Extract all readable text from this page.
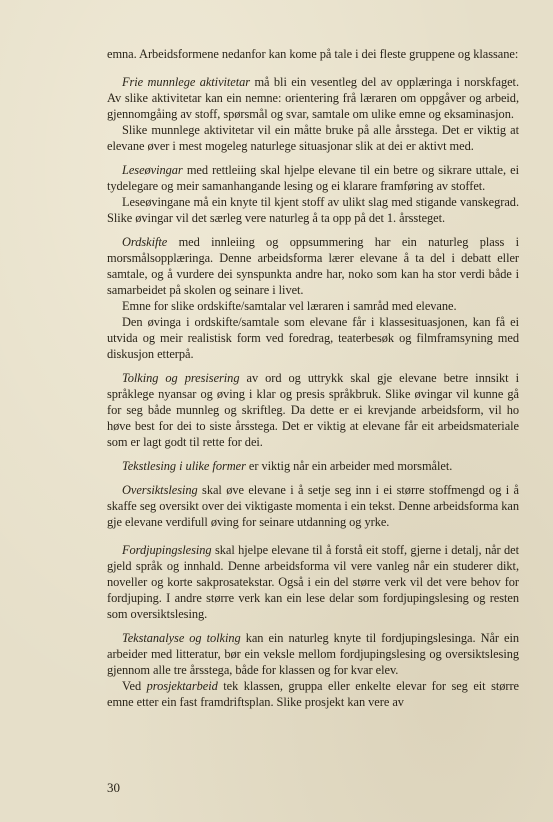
emna. Arbeidsformene nedanfor kan kome på tale i dei fleste gruppene og klassane:

Frie munnlege aktivitetar må bli ein vesentleg del av opplæringa i norskfaget. Av slike aktivitetar kan ein nemne: orientering frå læraren om oppgåver og arbeid, gjennomgåing av stoff, spørsmål og svar, samtale om ulike emne og eksaminasjon.

Slike munnlege aktivitetar vil ein måtte bruke på alle årsstega. Det er viktig at elevane øver i mest mogeleg naturlege situasjonar slik at dei er aktivt med.

Leseøvingar med rettleiing skal hjelpe elevane til ein betre og sikrare uttale, ei tydelegare og meir samanhangande lesing og ei klarare framføring av stoffet.

Leseøvingane må ein knyte til kjent stoff av ulikt slag med stigande vanskegrad. Slike øvingar vil det særleg vere naturleg å ta opp på det 1. årssteget.

Ordskifte med innleiing og oppsummering har ein naturleg plass i morsmålsopplæringa. Denne arbeidsforma lærer elevane å ta del i debatt eller samtale, og å vurdere dei synspunkta andre har, noko som kan ha stor verdi både i samarbeidet på skolen og seinare i livet.

Emne for slike ordskifte/samtalar vel læraren i samråd med elevane.

Den øvinga i ordskifte/samtale som elevane får i klassesituasjonen, kan få ei utvida og meir realistisk form ved foredrag, teaterbesøk og filmframsyning med diskusjon etterpå.

Tolking og presisering av ord og uttrykk skal gje elevane betre innsikt i språklege nyansar og øving i klar og presis språkbruk. Slike øvingar vil kunne gå for seg både munnleg og skriftleg. Da dette er ei krevjande arbeidsform, vil ho høve best for dei to siste årsstega. Det er viktig at elevane får eit arbeidsmateriale som er lagt godt til rette for dei.

Tekstlesing i ulike former er viktig når ein arbeider med morsmålet.

Oversiktslesing skal øve elevane i å setje seg inn i ei større stoffmengd og i å skaffe seg oversikt over dei viktigaste momenta i ein tekst. Denne arbeidsforma kan gje elevane verdifull øving for seinare utdanning og yrke.

Fordjupingslesing skal hjelpe elevane til å forstå eit stoff, gjerne i detalj, når det gjeld språk og innhald. Denne arbeidsforma vil vere vanleg når ein studerer dikt, noveller og korte sakprosatekstar. Også i ein del større verk vil det vere behov for fordjuping. I andre større verk kan ein lese delar som fordjupingslesing og resten som oversiktslesing.

Tekstanalyse og tolking kan ein naturleg knyte til fordjupingslesinga. Når ein arbeider med litteratur, bør ein veksle mellom fordjupingslesing og oversiktslesing gjennom alle tre årsstega, både for klassen og for kvar elev.

Ved prosjektarbeid tek klassen, gruppa eller enkelte elevar for seg eit større emne etter ein fast framdriftsplan. Slike prosjekt kan vere av

30
